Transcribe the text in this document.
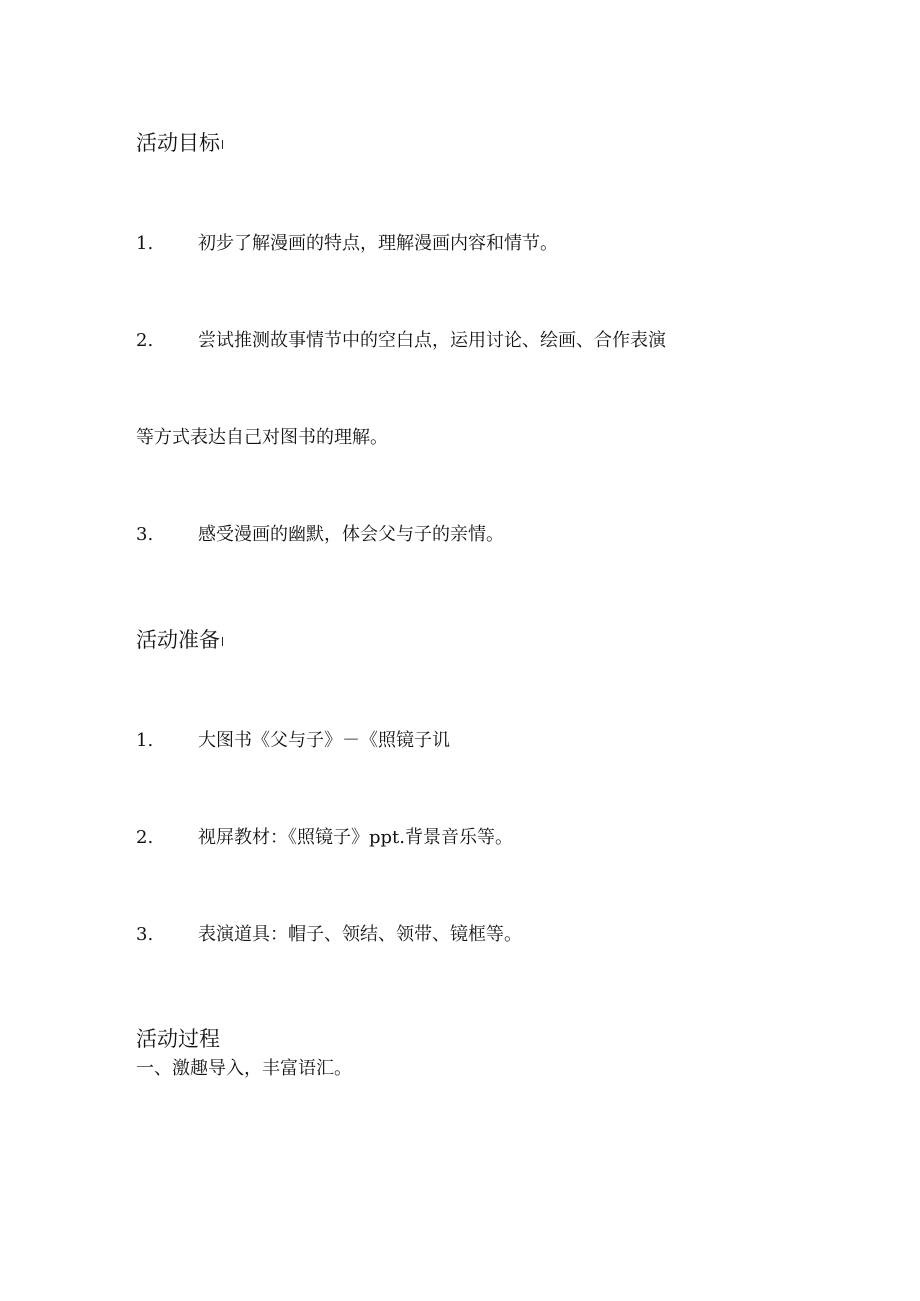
活动目标
1. 初步了解漫画的特点，理解漫画内容和情节。
2. 尝试推测故事情节中的空白点，运用讨论、绘画、合作表演
等方式表达自己对图书的理解。
3. 感受漫画的幽默，体会父与子的亲情。
活动准备
1. 大图书《父与子》－《照镜子讥
2. 视屏教材：《照镜子》ppt.背景音乐等。
3. 表演道具：帽子、领结、领带、镜框等。
活动过程
一、激趣导入，丰富语汇。
